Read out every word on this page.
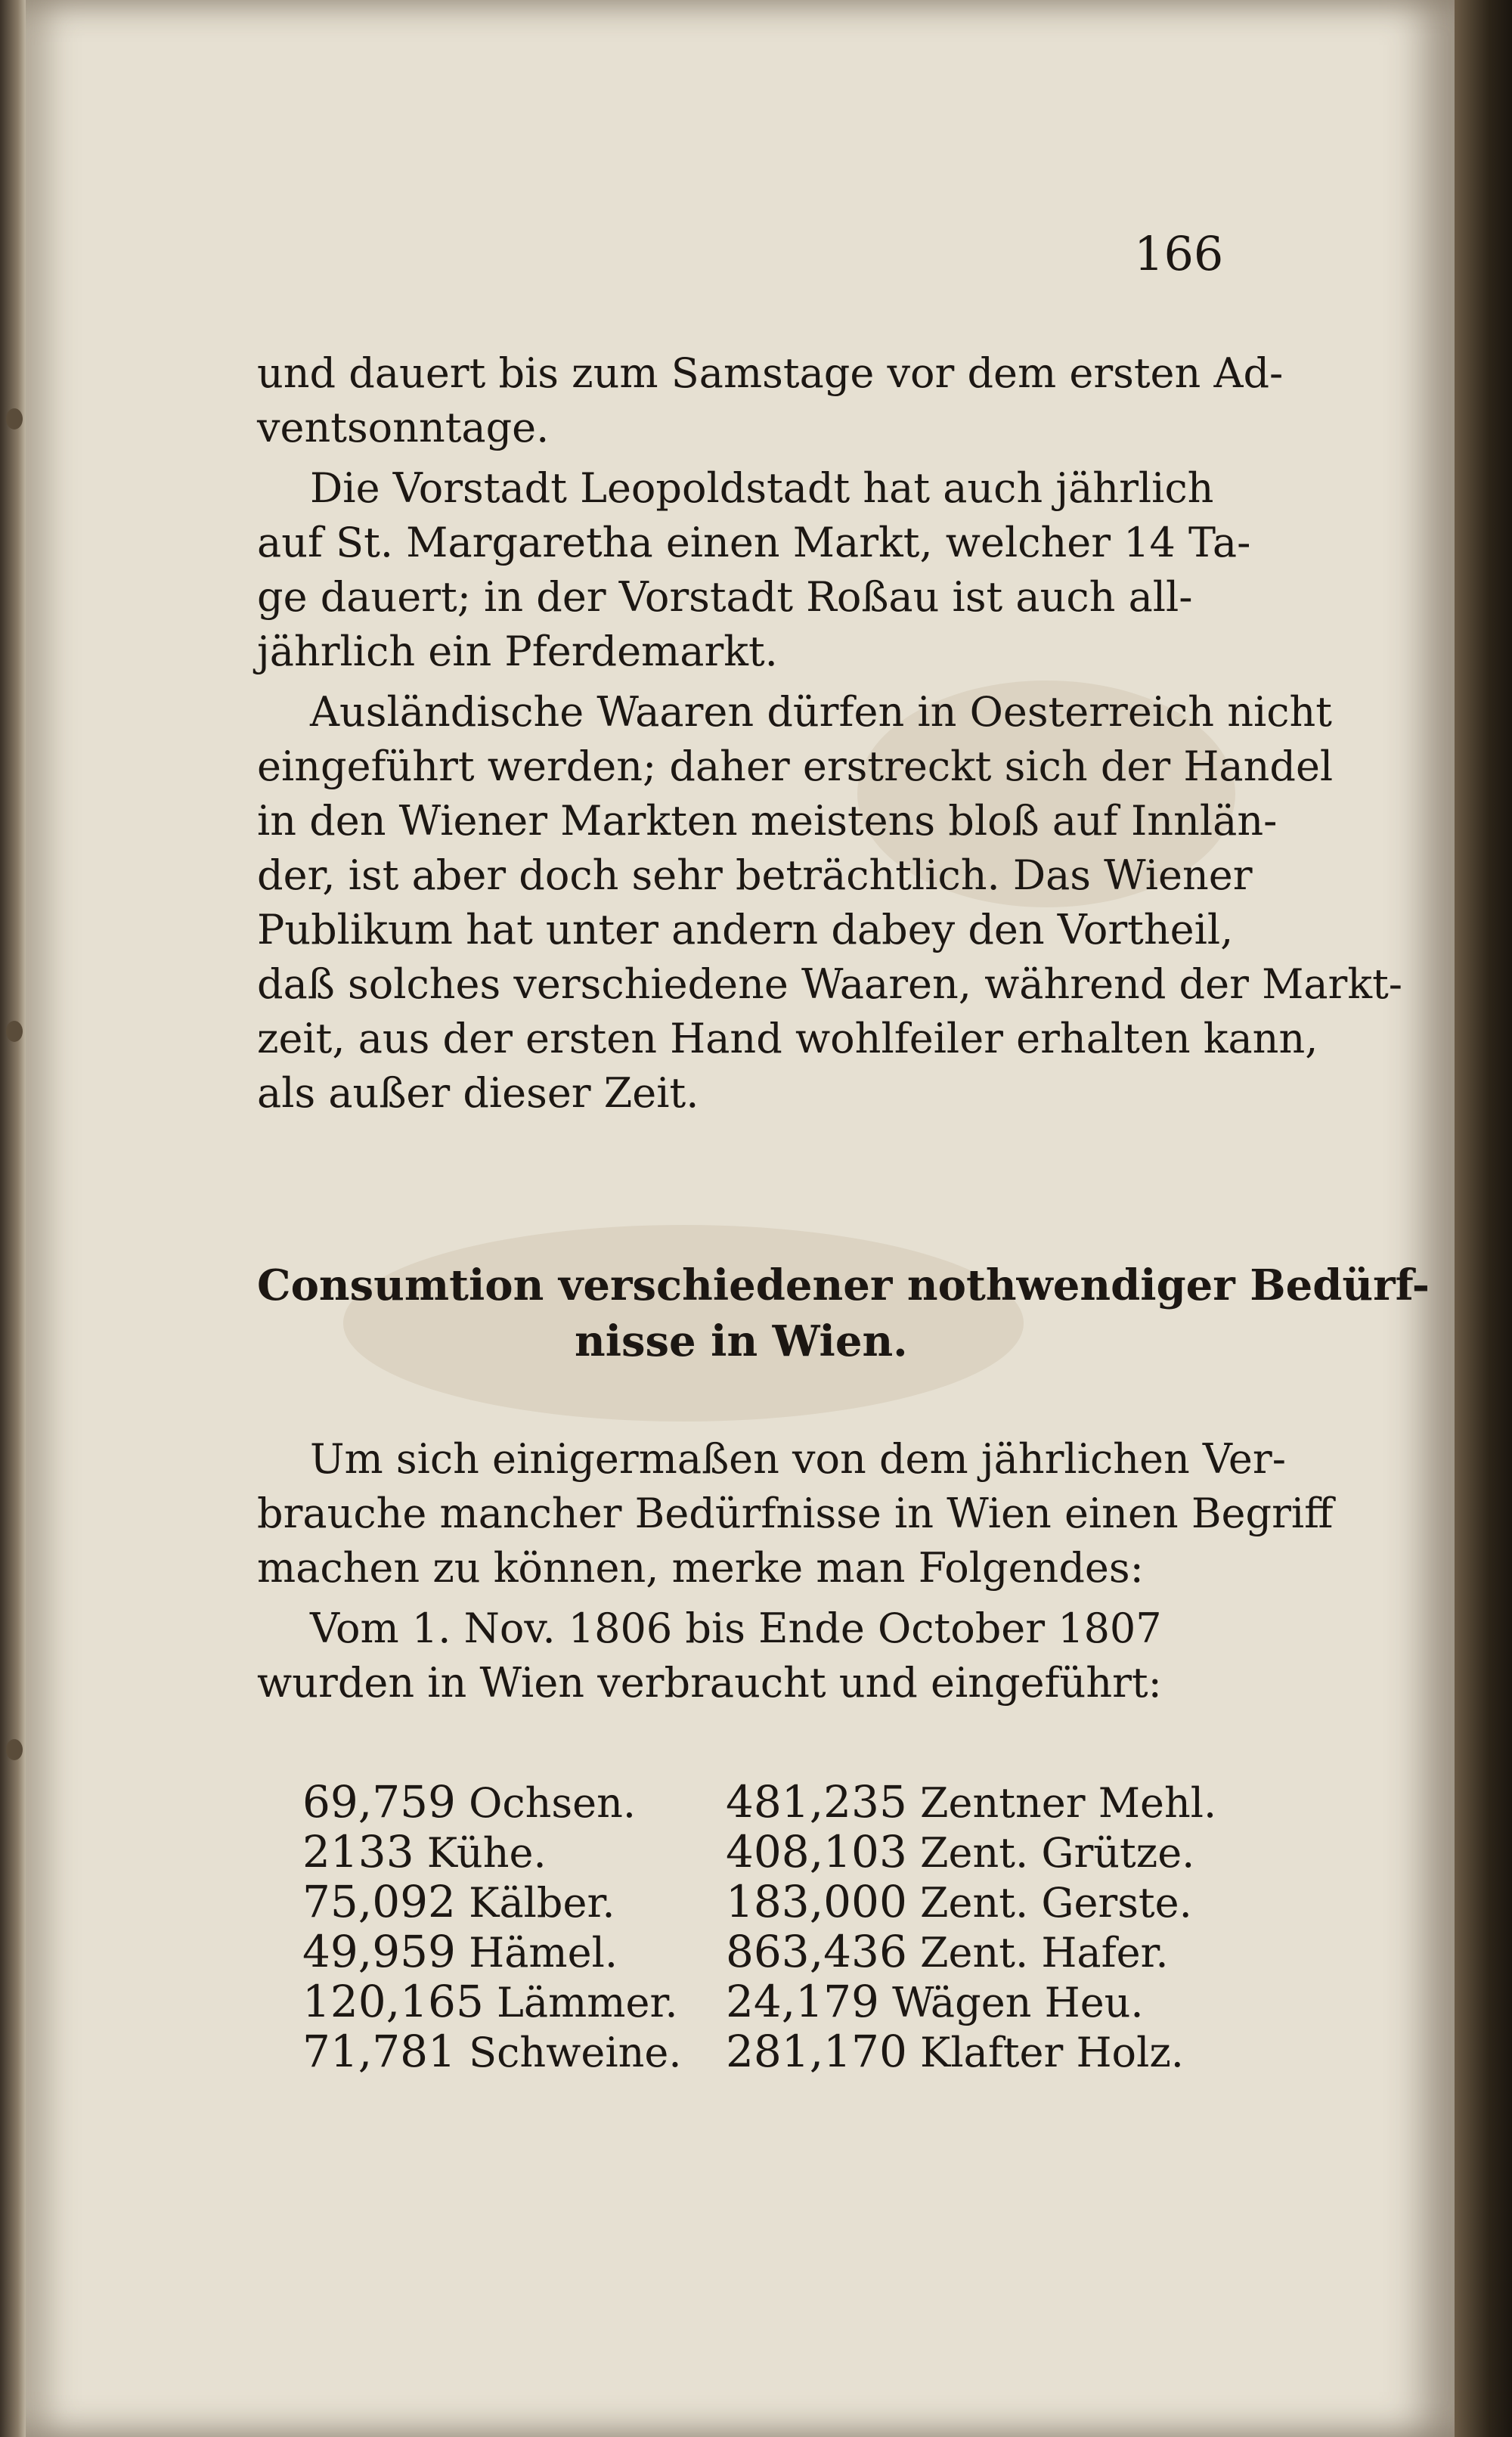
166
und dauert bis zum Samstage vor dem ersten Ad-
ventsonntage.
Die Vorstadt Leopoldstadt hat auch jährlich
auf St. Margaretha einen Markt, welcher 14 Ta-
ge dauert; in der Vorstadt Roßau ist auch all-
jährlich ein Pferdemarkt.
Ausländische Waaren dürfen in Oesterreich nicht
eingeführt werden; daher erstreckt sich der Handel
in den Wiener Markten meistens bloß auf Innlän-
der, ist aber doch sehr beträchtlich. Das Wiener
Publikum hat unter andern dabey den Vortheil,
daß solches verschiedene Waaren, während der Markt-
zeit, aus der ersten Hand wohlfeiler erhalten kann,
als außer dieser Zeit.
Consumtion verschiedener nothwendiger Bedürf-
nisse in Wien.
Um sich einigermaßen von dem jährlichen Ver-
brauche mancher Bedürfnisse in Wien einen Begriff
machen zu können, merke man Folgendes:
Vom 1. Nov. 1806 bis Ende October 1807
wurden in Wien verbraucht und eingeführt:
69,759 Ochsen.
2133 Kühe.
75,092 Kälber.
49,959 Hämel.
120,165 Lämmer.
71,781 Schweine.
481,235 Zentner Mehl.
408,103 Zent. Grütze.
183,000 Zent. Gerste.
863,436 Zent. Hafer.
24,179 Wägen Heu.
281,170 Klafter Holz.
